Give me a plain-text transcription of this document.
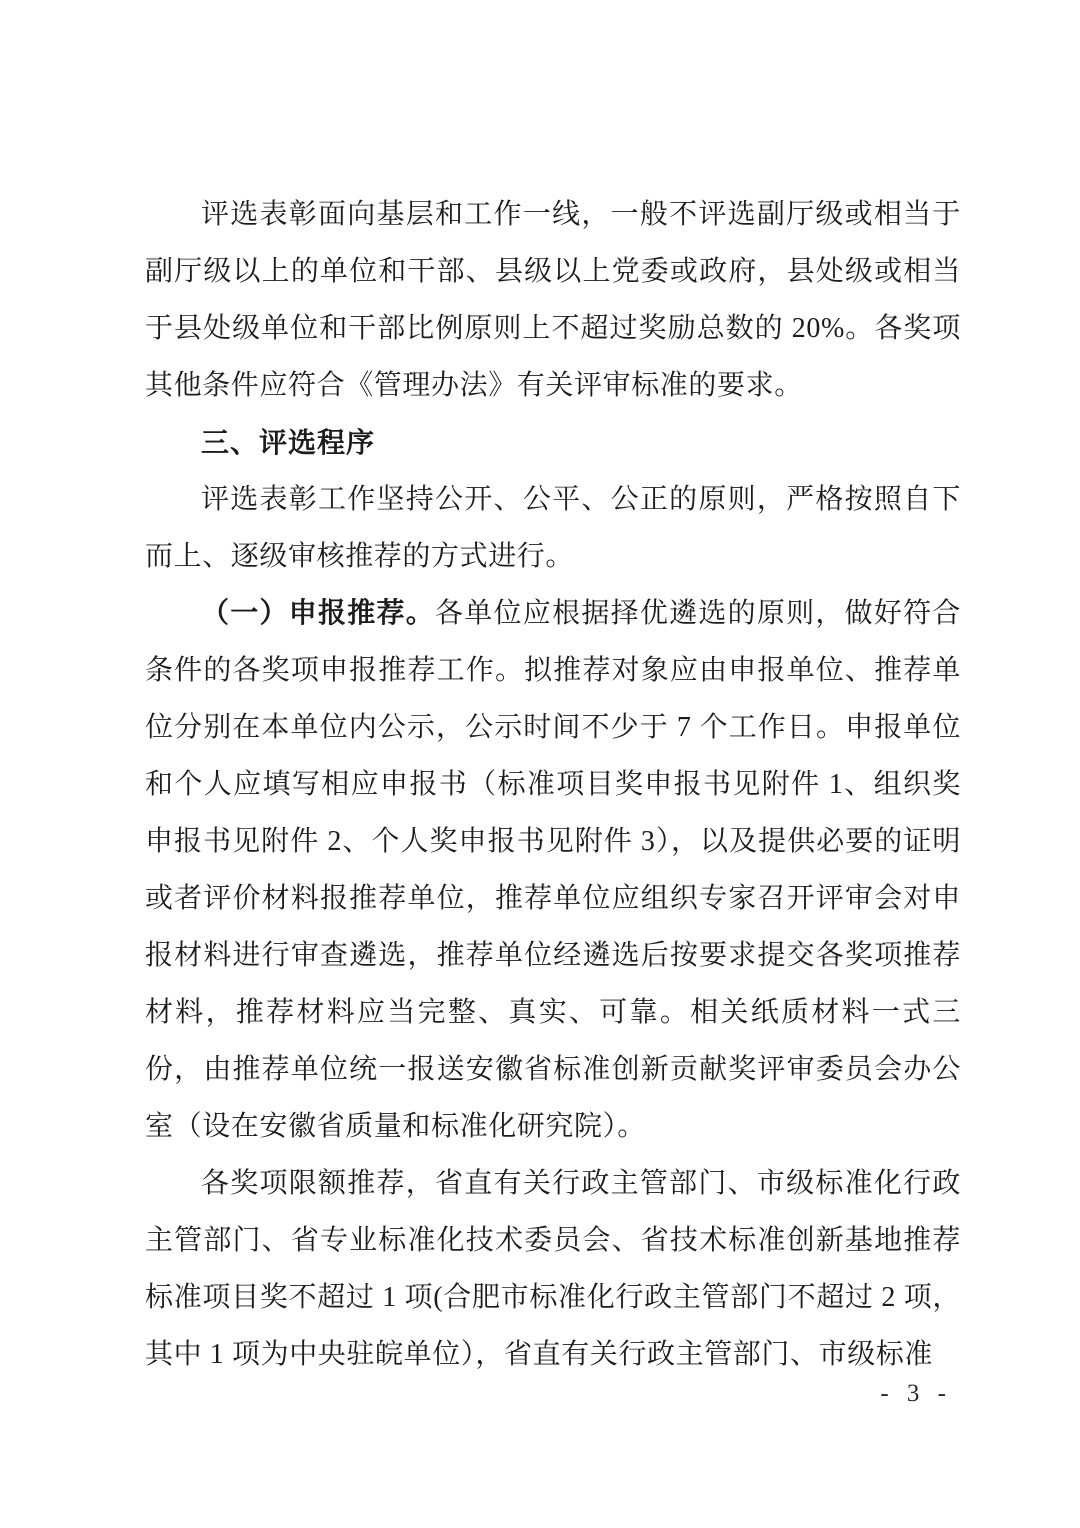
评选表彰面向基层和工作一线，一般不评选副厅级或相当于副厅级以上的单位和干部、县级以上党委或政府，县处级或相当于县处级单位和干部比例原则上不超过奖励总数的 20%。各奖项其他条件应符合《管理办法》有关评审标准的要求。

三、评选程序

评选表彰工作坚持公开、公平、公正的原则，严格按照自下而上、逐级审核推荐的方式进行。

（一）申报推荐。各单位应根据择优遴选的原则，做好符合条件的各奖项申报推荐工作。拟推荐对象应由申报单位、推荐单位分别在本单位内公示，公示时间不少于 7 个工作日。申报单位和个人应填写相应申报书（标准项目奖申报书见附件 1、组织奖申报书见附件 2、个人奖申报书见附件 3），以及提供必要的证明或者评价材料报推荐单位，推荐单位应组织专家召开评审会对申报材料进行审查遴选，推荐单位经遴选后按要求提交各奖项推荐材料，推荐材料应当完整、真实、可靠。相关纸质材料一式三份，由推荐单位统一报送安徽省标准创新贡献奖评审委员会办公室（设在安徽省质量和标准化研究院）。

各奖项限额推荐，省直有关行政主管部门、市级标准化行政主管部门、省专业标准化技术委员会、省技术标准创新基地推荐标准项目奖不超过 1 项(合肥市标准化行政主管部门不超过 2 项，其中 1 项为中央驻皖单位），省直有关行政主管部门、市级标准

- 3 -
